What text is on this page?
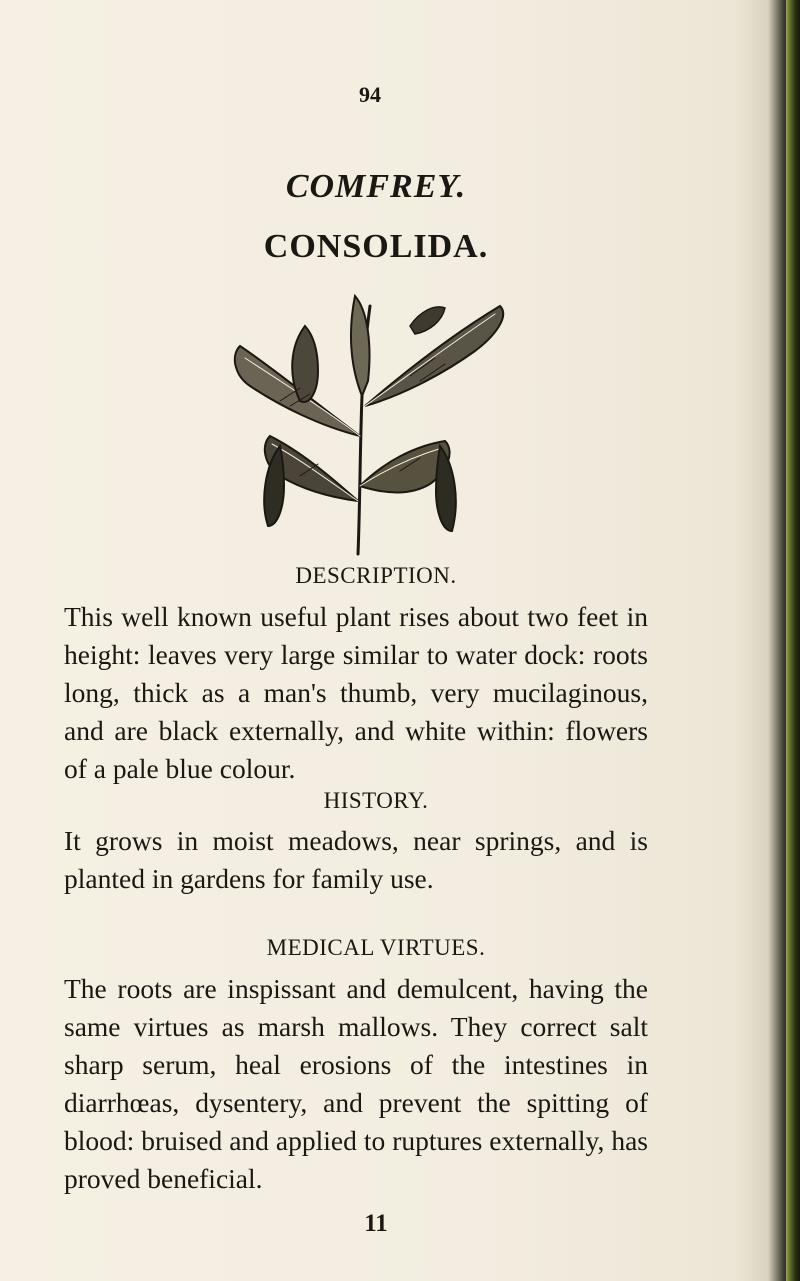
94
COMFREY.
CONSOLIDA.
DESCRIPTION.
This well known useful plant rises about two feet in height: leaves very large similar to water dock: roots long, thick as a man's thumb, very mucilaginous, and are black externally, and white within: flowers of a pale blue colour.
HISTORY.
It grows in moist meadows, near springs, and is planted in gardens for family use.
MEDICAL VIRTUES.
The roots are inspissant and demulcent, having the same virtues as marsh mallows. They correct salt sharp serum, heal erosions of the intestines in diarrhœas, dysentery, and prevent the spitting of blood: bruised and applied to ruptures externally, has proved beneficial.
11
